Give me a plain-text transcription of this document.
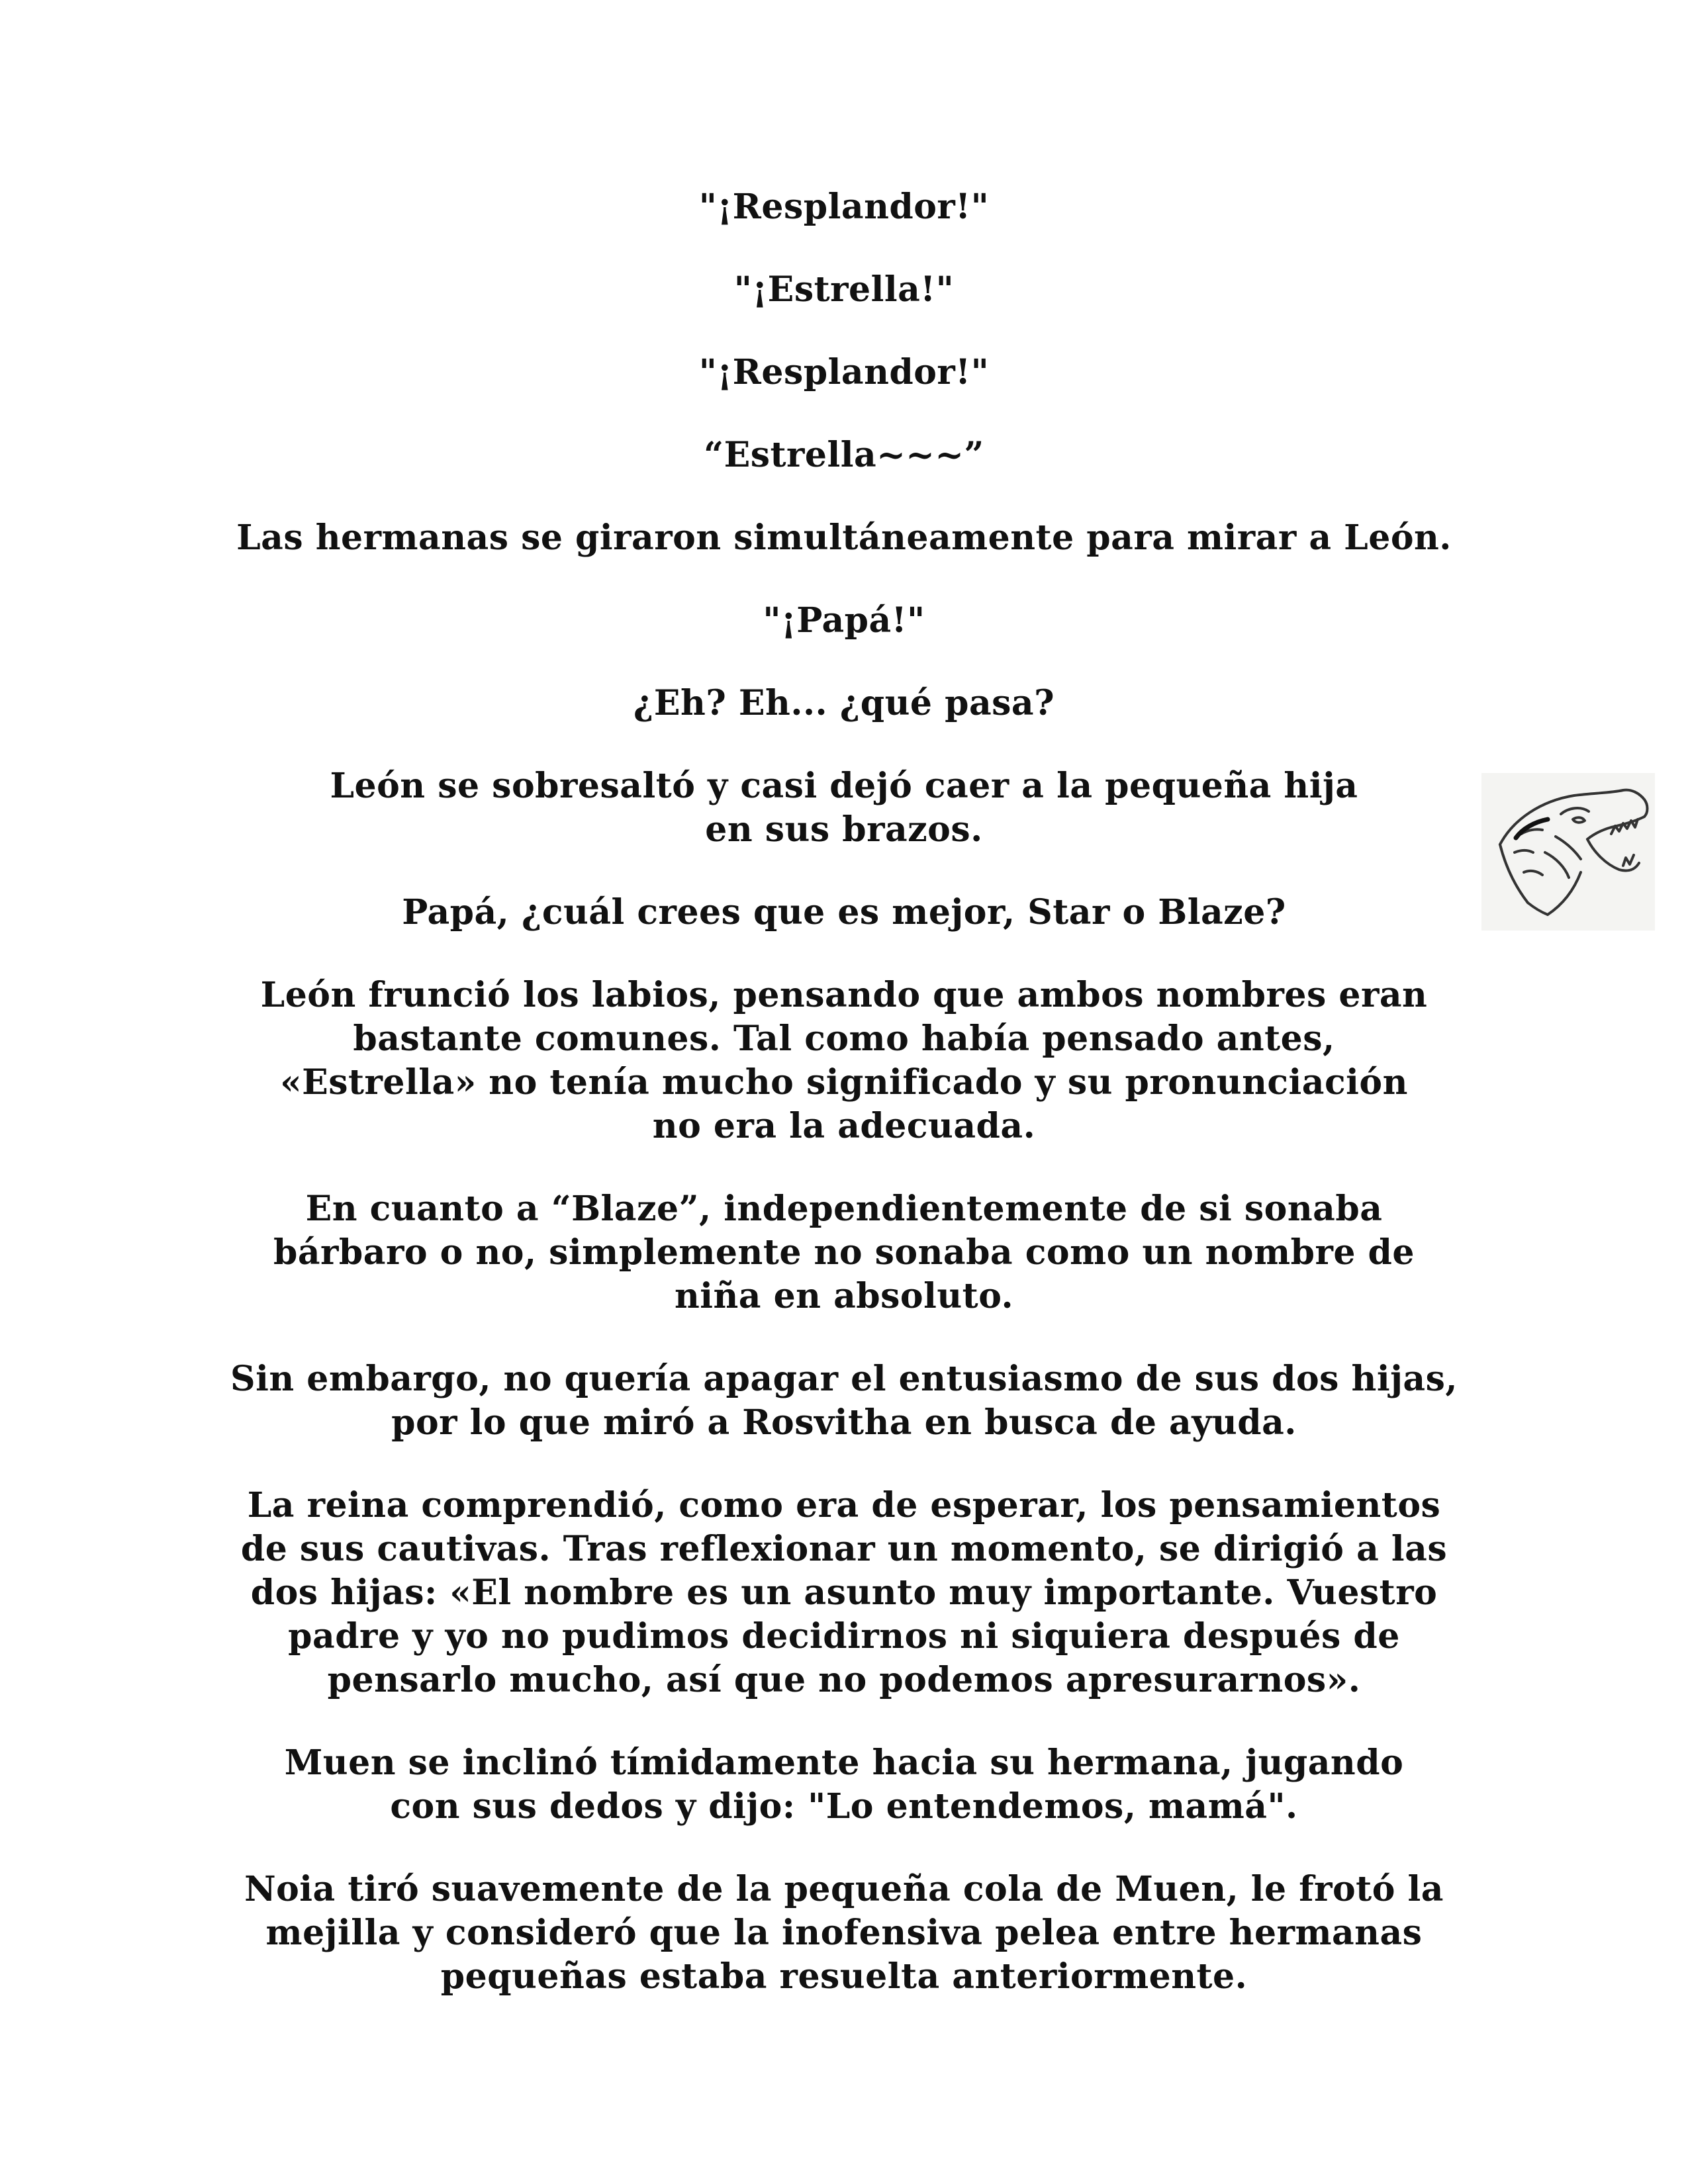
"¡Resplandor!"

"¡Estrella!"

"¡Resplandor!"

“Estrella~~~”

Las hermanas se giraron simultáneamente para mirar a León.

"¡Papá!"

¿Eh? Eh... ¿qué pasa?

León se sobresaltó y casi dejó caer a la pequeña hija en sus brazos.

Papá, ¿cuál crees que es mejor, Star o Blaze?

León frunció los labios, pensando que ambos nombres eran bastante comunes. Tal como había pensado antes, «Estrella» no tenía mucho significado y su pronunciación no era la adecuada.

En cuanto a “Blaze”, independientemente de si sonaba bárbaro o no, simplemente no sonaba como un nombre de niña en absoluto.

Sin embargo, no quería apagar el entusiasmo de sus dos hijas, por lo que miró a Rosvitha en busca de ayuda.

La reina comprendió, como era de esperar, los pensamientos de sus cautivas. Tras reflexionar un momento, se dirigió a las dos hijas: «El nombre es un asunto muy importante. Vuestro padre y yo no pudimos decidirnos ni siquiera después de pensarlo mucho, así que no podemos apresurarnos».

Muen se inclinó tímidamente hacia su hermana, jugando con sus dedos y dijo: "Lo entendemos, mamá".

Noia tiró suavemente de la pequeña cola de Muen, le frotó la mejilla y consideró que la inofensiva pelea entre hermanas pequeñas estaba resuelta anteriormente.
